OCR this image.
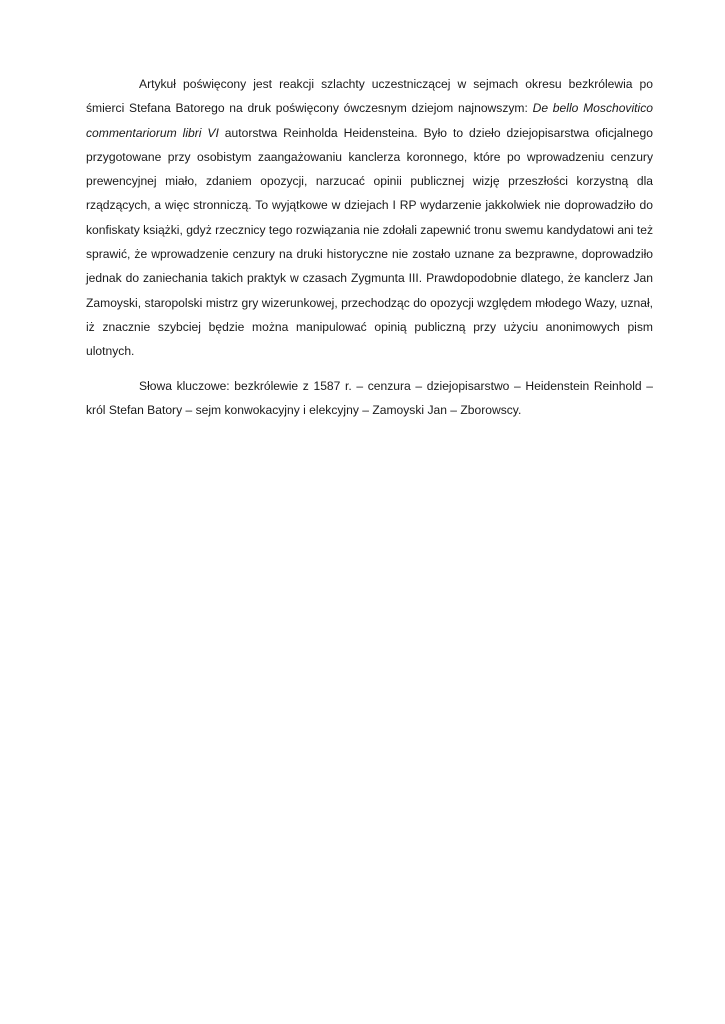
Artykuł poświęcony jest reakcji szlachty uczestniczącej w sejmach okresu bezkrólewia po śmierci Stefana Batorego na druk poświęcony ówczesnym dziejom najnowszym: De bello Moschovitico commentariorum libri VI autorstwa Reinholda Heidensteina. Było to dzieło dziejopisarstwa oficjalnego przygotowane przy osobistym zaangażowaniu kanclerza koronnego, które po wprowadzeniu cenzury prewencyjnej miało, zdaniem opozycji, narzucać opinii publicznej wizję przeszłości korzystną dla rządzących, a więc stronniczą. To wyjątkowe w dziejach I RP wydarzenie jakkolwiek nie doprowadziło do konfiskaty książki, gdyż rzecznicy tego rozwiązania nie zdołali zapewnić tronu swemu kandydatowi ani też sprawić, że wprowadzenie cenzury na druki historyczne nie zostało uznane za bezprawne, doprowadziło jednak do zaniechania takich praktyk w czasach Zygmunta III. Prawdopodobnie dlatego, że kanclerz Jan Zamoyski, staropolski mistrz gry wizerunkowej, przechodząc do opozycji względem młodego Wazy, uznał, iż znacznie szybciej będzie można manipulować opinią publiczną przy użyciu anonimowych pism ulotnych.

Słowa kluczowe: bezkrólewie z 1587 r. – cenzura – dziejopisarstwo – Heidenstein Reinhold – król Stefan Batory – sejm konwokacyjny i elekcyjny – Zamoyski Jan – Zborowscy.
